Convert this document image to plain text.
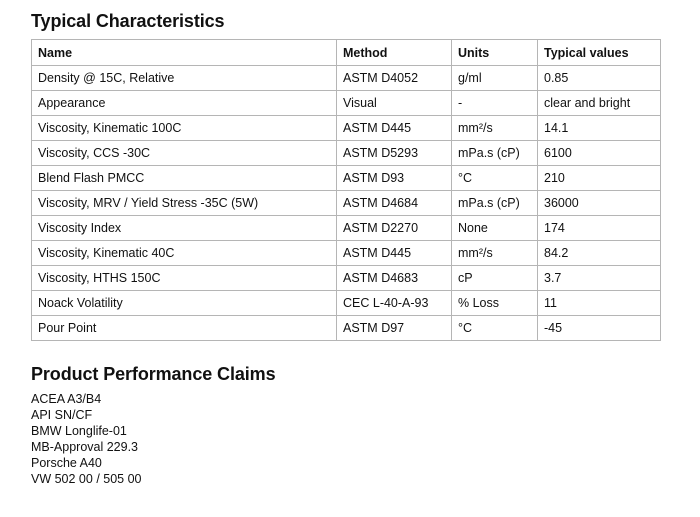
Typical Characteristics
Name	Method	Units	Typical values
Density @ 15C, Relative	ASTM D4052	g/ml	0.85
Appearance	Visual	-	clear and bright
Viscosity, Kinematic 100C	ASTM D445	mm²/s	14.1
Viscosity, CCS -30C	ASTM D5293	mPa.s (cP)	6100
Blend Flash PMCC	ASTM D93	°C	210
Viscosity, MRV / Yield Stress -35C (5W)	ASTM D4684	mPa.s (cP)	36000
Viscosity Index	ASTM D2270	None	174
Viscosity, Kinematic 40C	ASTM D445	mm²/s	84.2
Viscosity, HTHS 150C	ASTM D4683	cP	3.7
Noack Volatility	CEC L-40-A-93	% Loss	11
Pour Point	ASTM D97	°C	-45
Product Performance Claims
ACEA A3/B4
API SN/CF
BMW Longlife-01
MB-Approval 229.3
Porsche A40
VW 502 00 / 505 00
